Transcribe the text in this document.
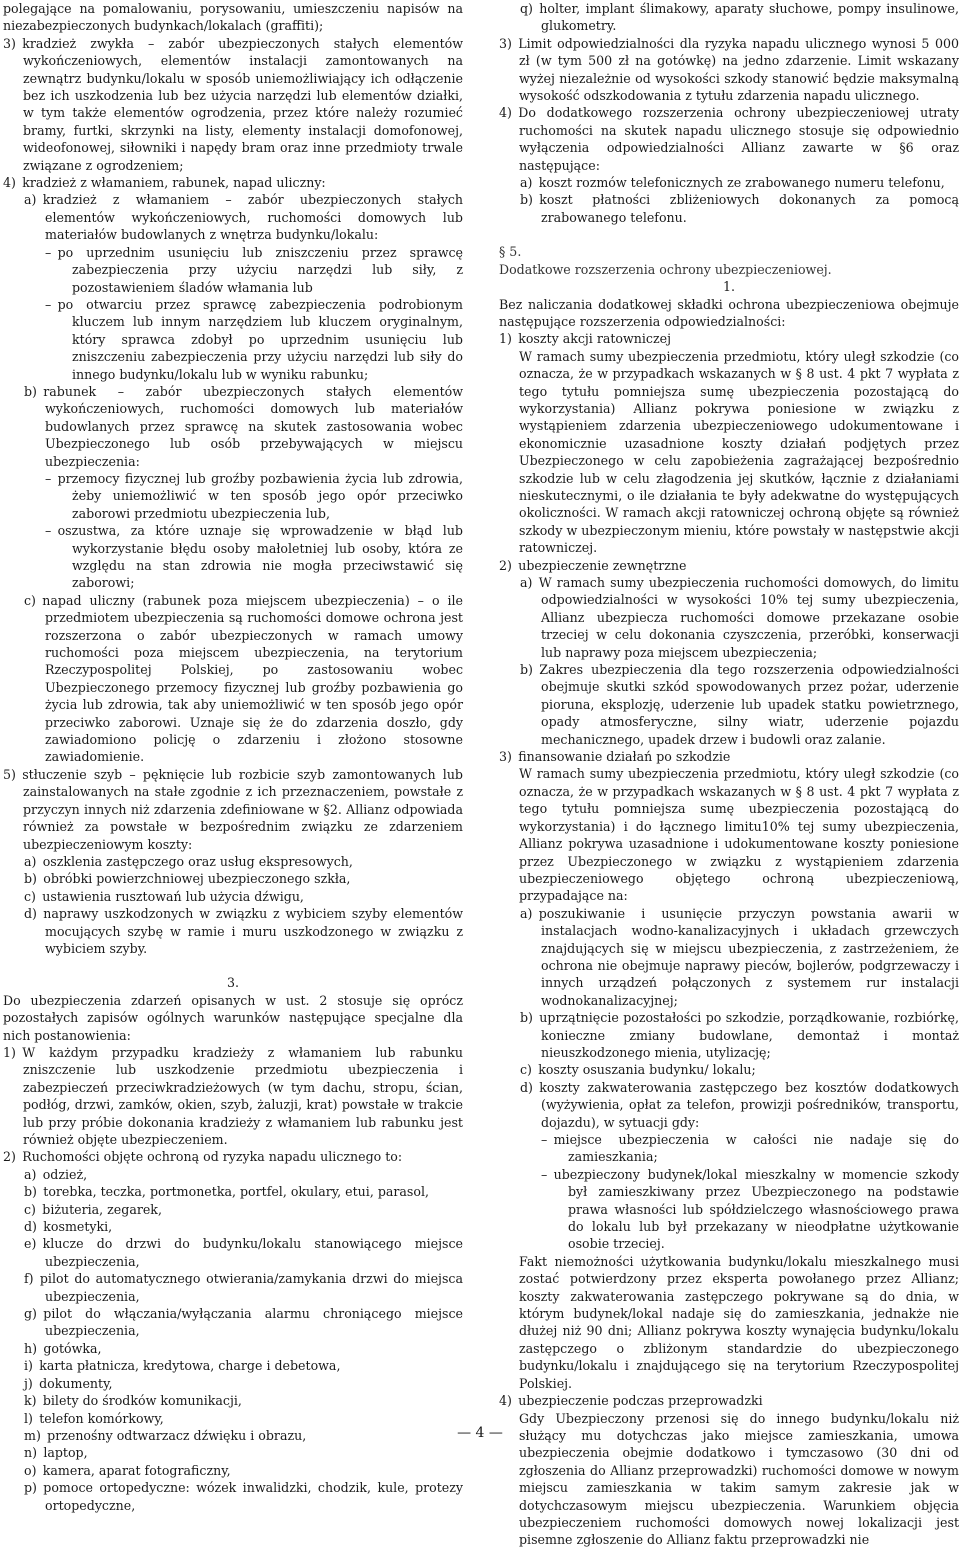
polegające na pomalowaniu, porysowaniu, umieszczeniu napisów na niezabezpieczonych budynkach/lokalach (graffiti);

3) kradzież zwykła – zabór ubezpieczonych stałych elementów wykończeniowych, elementów instalacji zamontowanych na zewnątrz budynku/lokalu w sposób uniemożliwiający ich odłączenie bez ich uszkodzenia lub bez użycia narzędzi lub elementów działki, w tym także elementów ogrodzenia, przez które należy rozumieć bramy, furtki, skrzynki na listy, elementy instalacji domofonowej, wideofonowej, siłowniki i napędy bram oraz inne przedmioty trwale związane z ogrodzeniem;

4) kradzież z włamaniem, rabunek, napad uliczny:

a) kradzież z włamaniem – zabór ubezpieczonych stałych elementów wykończeniowych, ruchomości domowych lub materiałów budowlanych z wnętrza budynku/lokalu:

– po uprzednim usunięciu lub zniszczeniu przez sprawcę zabezpieczenia przy użyciu narzędzi lub siły, z pozostawieniem śladów włamania lub

– po otwarciu przez sprawcę zabezpieczenia podrobionym kluczem lub innym narzędziem lub kluczem oryginalnym, który sprawca zdobył po uprzednim usunięciu lub zniszczeniu zabezpieczenia przy użyciu narzędzi lub siły do innego budynku/lokalu lub w wyniku rabunku;

b) rabunek – zabór ubezpieczonych stałych elementów wykończeniowych, ruchomości domowych lub materiałów budowlanych przez sprawcę na skutek zastosowania wobec Ubezpieczonego lub osób przebywających w miejscu ubezpieczenia:

– przemocy fizycznej lub groźby pozbawienia życia lub zdrowia, żeby uniemożliwić w ten sposób jego opór przeciwko zaborowi przedmiotu ubezpieczenia lub,

– oszustwa, za które uznaje się wprowadzenie w błąd lub wykorzystanie błędu osoby małoletniej lub osoby, która ze względu na stan zdrowia nie mogła przeciwstawić się zaborowi;

c) napad uliczny (rabunek poza miejscem ubezpieczenia) – o ile przedmiotem ubezpieczenia są ruchomości domowe ochrona jest rozszerzona o zabór ubezpieczonych w ramach umowy ruchomości poza miejscem ubezpieczenia, na terytorium Rzeczypospolitej Polskiej, po zastosowaniu wobec Ubezpieczonego przemocy fizycznej lub groźby pozbawienia go życia lub zdrowia, tak aby uniemożliwić w ten sposób jego opór przeciwko zaborowi. Uznaje się że do zdarzenia doszło, gdy zawiadomiono policję o zdarzeniu i złożono stosowne zawiadomienie.

5) stłuczenie szyb – pęknięcie lub rozbicie szyb zamontowanych lub zainstalowanych na stałe zgodnie z ich przeznaczeniem, powstałe z przyczyn innych niż zdarzenia zdefiniowane w §2. Allianz odpowiada również za powstałe w bezpośrednim związku ze zdarzeniem ubezpieczeniowym koszty:

a) oszklenia zastępczego oraz usług ekspresowych,

b) obróbki powierzchniowej ubezpieczonego szkła,

c) ustawienia rusztowań lub użycia dźwigu,

d) naprawy uszkodzonych w związku z wybiciem szyby elementów mocujących szybę w ramie i muru uszkodzonego w związku z wybiciem szyby.

3.

Do ubezpieczenia zdarzeń opisanych w ust. 2 stosuje się oprócz pozostałych zapisów ogólnych warunków następujące specjalne dla nich postanowienia:

1) W każdym przypadku kradzieży z włamaniem lub rabunku zniszczenie lub uszkodzenie przedmiotu ubezpieczenia i zabezpieczeń przeciwkradzieżowych (w tym dachu, stropu, ścian, podłóg, drzwi, zamków, okien, szyb, żaluzji, krat) powstałe w trakcie lub przy próbie dokonania kradzieży z włamaniem lub rabunku jest również objęte ubezpieczeniem.

2) Ruchomości objęte ochroną od ryzyka napadu ulicznego to:

a) odzież,

b) torebka, teczka, portmonetka, portfel, okulary, etui, parasol,

c) biżuteria, zegarek,

d) kosmetyki,

e) klucze do drzwi do budynku/lokalu stanowiącego miejsce ubezpieczenia,

f) pilot do automatycznego otwierania/zamykania drzwi do miejsca ubezpieczenia,

g) pilot do włączania/wyłączania alarmu chroniącego miejsce ubezpieczenia,

h) gotówka,

i) karta płatnicza, kredytowa, charge i debetowa,

j) dokumenty,

k) bilety do środków komunikacji,

l) telefon komórkowy,

m) przenośny odtwarzacz dźwięku i obrazu,

n) laptop,

o) kamera, aparat fotograficzny,

p) pomoce ortopedyczne: wózek inwalidzki, chodzik, kule, protezy ortopedyczne,

q) holter, implant ślimakowy, aparaty słuchowe, pompy insulinowe, glukometry.

3) Limit odpowiedzialności dla ryzyka napadu ulicznego wynosi 5 000 zł (w tym 500 zł na gotówkę) na jedno zdarzenie. Limit wskazany wyżej niezależnie od wysokości szkody stanowić będzie maksymalną wysokość odszkodowania z tytułu zdarzenia napadu ulicznego.

4) Do dodatkowego rozszerzenia ochrony ubezpieczeniowej utraty ruchomości na skutek napadu ulicznego stosuje się odpowiednio wyłączenia odpowiedzialności Allianz zawarte w §6 oraz następujące:

a) koszt rozmów telefonicznych ze zrabowanego numeru telefonu,

b) koszt płatności zbliżeniowych dokonanych za pomocą zrabowanego telefonu.

§ 5.

Dodatkowe rozszerzenia ochrony ubezpieczeniowej.

1.

Bez naliczania dodatkowej składki ochrona ubezpieczeniowa obejmuje następujące rozszerzenia odpowiedzialności:

1) koszty akcji ratowniczej

W ramach sumy ubezpieczenia przedmiotu, który uległ szkodzie (co oznacza, że w przypadkach wskazanych w § 8 ust. 4 pkt 7 wypłata z tego tytułu pomniejsza sumę ubezpieczenia pozostającą do wykorzystania) Allianz pokrywa poniesione w związku z wystąpieniem zdarzenia ubezpieczeniowego udokumentowane i ekonomicznie uzasadnione koszty działań podjętych przez Ubezpieczonego w celu zapobieżenia zagrażającej bezpośrednio szkodzie lub w celu złagodzenia jej skutków, łącznie z działaniami nieskutecznymi, o ile działania te były adekwatne do występujących okoliczności. W ramach akcji ratowniczej ochroną objęte są również szkody w ubezpieczonym mieniu, które powstały w następstwie akcji ratowniczej.

2) ubezpieczenie zewnętrzne

a) W ramach sumy ubezpieczenia ruchomości domowych, do limitu odpowiedzialności w wysokości 10% tej sumy ubezpieczenia, Allianz ubezpiecza ruchomości domowe przekazane osobie trzeciej w celu dokonania czyszczenia, przeróbki, konserwacji lub naprawy poza miejscem ubezpieczenia;

b) Zakres ubezpieczenia dla tego rozszerzenia odpowiedzialności obejmuje skutki szkód spowodowanych przez pożar, uderzenie pioruna, eksplozję, uderzenie lub upadek statku powietrznego, opady atmosferyczne, silny wiatr, uderzenie pojazdu mechanicznego, upadek drzew i budowli oraz zalanie.

3) finansowanie działań po szkodzie

W ramach sumy ubezpieczenia przedmiotu, który uległ szkodzie (co oznacza, że w przypadkach wskazanych w § 8 ust. 4 pkt 7 wypłata z tego tytułu pomniejsza sumę ubezpieczenia pozostającą do wykorzystania) i do łącznego limitu10% tej sumy ubezpieczenia, Allianz pokrywa uzasadnione i udokumentowane koszty poniesione przez Ubezpieczonego w związku z wystąpieniem zdarzenia ubezpieczeniowego objętego ochroną ubezpieczeniową, przypadające na:

a) poszukiwanie i usunięcie przyczyn powstania awarii w instalacjach wodno-kanalizacyjnych i układach grzewczych znajdujących się w miejscu ubezpieczenia, z zastrzeżeniem, że ochrona nie obejmuje naprawy pieców, bojlerów, podgrzewaczy i innych urządzeń połączonych z systemem rur instalacji wodnokanalizacyjnej;

b) uprzątnięcie pozostałości po szkodzie, porządkowanie, rozbiórkę, konieczne zmiany budowlane, demontaż i montaż nieuszkodzonego mienia, utylizację;

c) koszty osuszania budynku/ lokalu;

d) koszty zakwaterowania zastępczego bez kosztów dodatkowych (wyżywienia, opłat za telefon, prowizji pośredników, transportu, dojazdu), w sytuacji gdy:

– miejsce ubezpieczenia w całości nie nadaje się do zamieszkania;

– ubezpieczony budynek/lokal mieszkalny w momencie szkody był zamieszkiwany przez Ubezpieczonego na podstawie prawa własności lub spółdzielczego własnościowego prawa do lokalu lub był przekazany w nieodpłatne użytkowanie osobie trzeciej.

Fakt niemożności użytkowania budynku/lokalu mieszkalnego musi zostać potwierdzony przez eksperta powołanego przez Allianz; koszty zakwaterowania zastępczego pokrywane są do dnia, w którym budynek/lokal nadaje się do zamieszkania, jednakże nie dłużej niż 90 dni; Allianz pokrywa koszty wynajęcia budynku/lokalu zastępczego o zbliżonym standardzie do ubezpieczonego budynku/lokalu i znajdującego się na terytorium Rzeczypospolitej Polskiej.

4) ubezpieczenie podczas przeprowadzki

Gdy Ubezpieczony przenosi się do innego budynku/lokalu niż służący mu dotychczas jako miejsce zamieszkania, umowa ubezpieczenia obejmie dodatkowo i tymczasowo (30 dni od zgłoszenia do Allianz przeprowadzki) ruchomości domowe w nowym miejscu zamieszkania w takim samym zakresie jak w dotychczasowym miejscu ubezpieczenia. Warunkiem objęcia ubezpieczeniem ruchomości domowych nowej lokalizacji jest pisemne zgłoszenie do Allianz faktu przeprowadzki nie

— 4 —
